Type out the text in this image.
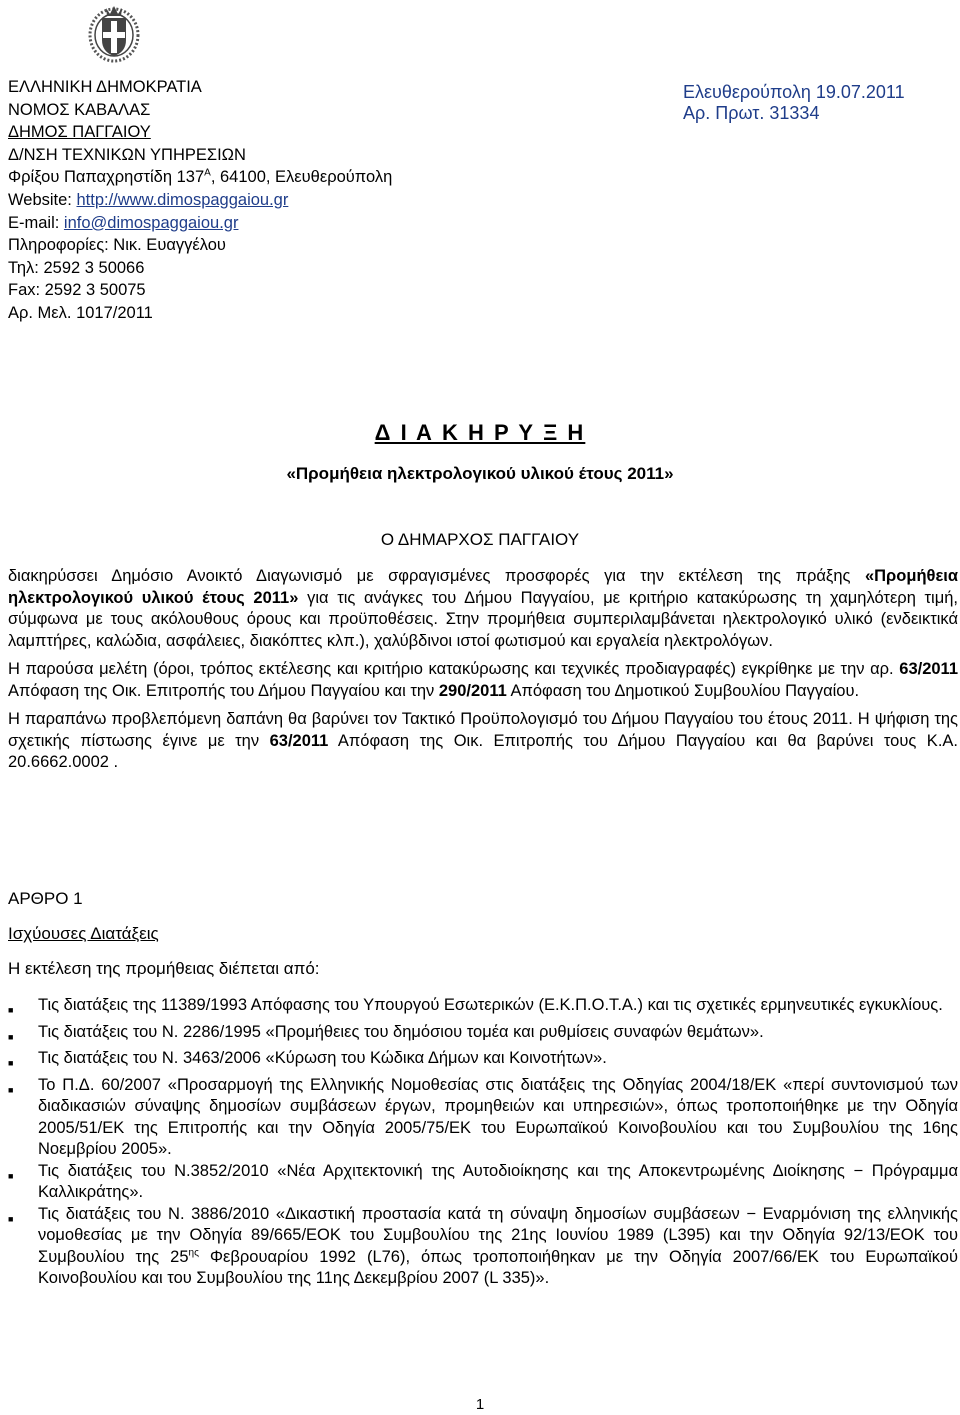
ΕΛΛΗΝΙΚΗ ΔΗΜΟΚΡΑΤΙΑ
ΝΟΜΟΣ ΚΑΒΑΛΑΣ
ΔΗΜΟΣ ΠΑΓΓΑΙΟΥ
Δ/ΝΣΗ ΤΕΧΝΙΚΩΝ ΥΠΗΡΕΣΙΩΝ
Φρίξου Παπαχρηστίδη $137^A$, 64100, Ελευθερούπολη
Website: http://www.dimospaggaiou.gr
E-mail: info@dimospaggaiou.gr
Πληροφορίες: Νικ. Ευαγγέλου
Τηλ: 2592 3 50066
Fax: 2592 3 50075
Αρ. Μελ. 1017/2011
Ελευθερούπολη 19.07.2011
Αρ. Πρωτ. 31334
Δ Ι Α Κ Η Ρ Υ Ξ Η
«Προμήθεια ηλεκτρολογικού υλικού έτους 2011»
Ο ΔΗΜΑΡΧΟΣ ΠΑΓΓΑΙΟΥ

διακηρύσσει Δημόσιο Ανοικτό Διαγωνισμό με σφραγισμένες προσφορές για την εκτέλεση της πράξης «Προμήθεια ηλεκτρολογικού υλικού έτους 2011» για τις ανάγκες του Δήμου Παγγαίου, με κριτήριο κατακύρωσης τη χαμηλότερη τιμή, σύμφωνα με τους ακόλουθους όρους και προϋποθέσεις. Στην προμήθεια συμπεριλαμβάνεται ηλεκτρολογικό υλικό (ενδεικτικά λαμπτήρες, καλώδια, ασφάλειες, διακόπτες κλπ.), χαλύβδινοι ιστοί φωτισμού και εργαλεία ηλεκτρολόγων.

Η παρούσα μελέτη (όροι, τρόπος εκτέλεσης και κριτήριο κατακύρωσης και τεχνικές προδιαγραφές) εγκρίθηκε με την αρ. 63/2011 Απόφαση της Οικ. Επιτροπής του Δήμου Παγγαίου και την 290/2011 Απόφαση του Δημοτικού Συμβουλίου Παγγαίου.

Η παραπάνω προβλεπόμενη δαπάνη θα βαρύνει τον Τακτικό Προϋπολογισμό του Δήμου Παγγαίου του έτους 2011. Η ψήφιση της σχετικής πίστωσης έγινε με την 63/2011 Απόφαση της Οικ. Επιτροπής του Δήμου Παγγαίου και θα βαρύνει τους Κ.Α. 20.6662.0002 .

ΑΡΘΡΟ 1
Ισχύουσες Διατάξεις
Η εκτέλεση της προμήθειας διέπεται από:
■	Τις διατάξεις της 11389/1993 Απόφασης του Υπουργού Εσωτερικών (Ε.Κ.Π.Ο.Τ.Α.) και τις σχετικές ερμηνευτικές εγκυκλίους.
■	Τις διατάξεις του Ν. 2286/1995 «Προμήθειες του δημόσιου τομέα και ρυθμίσεις συναφών θεμάτων».
■	Τις διατάξεις του Ν. 3463/2006 «Κύρωση του Κώδικα Δήμων και Κοινοτήτων».
■	Το Π.Δ. 60/2007 «Προσαρμογή της Ελληνικής Νομοθεσίας στις διατάξεις της Οδηγίας 2004/18/ΕΚ «περί συντονισμού των διαδικασιών σύναψης δημοσίων συμβάσεων έργων, προμηθειών και υπηρεσιών», όπως τροποποιήθηκε με την Οδηγία 2005/51/ΕΚ της Επιτροπής και την Οδηγία 2005/75/ΕΚ του Ευρωπαϊκού Κοινοβουλίου και του Συμβουλίου της 16ης Νοεμβρίου 2005».
■	Τις διατάξεις του Ν.3852/2010 «Νέα Αρχιτεκτονική της Αυτοδιοίκησης και της Αποκεντρωμένης Διοίκησης − Πρόγραμμα Καλλικράτης».
■	Τις διατάξεις του Ν. 3886/2010 «Δικαστική προστασία κατά τη σύναψη δημοσίων συμβάσεων − Εναρμόνιση της ελληνικής νομοθεσίας με την Οδηγία 89/665/ΕΟΚ του Συμβουλίου της 21ης Ιουνίου 1989 (L395) και την Οδηγία 92/13/ΕΟΚ του Συμβουλίου της $25^{\eta\varsigma}$ Φεβρουαρίου 1992 (L76), όπως τροποποιήθηκαν με την Οδηγία 2007/66/ΕΚ του Ευρωπαϊκού Κοινοβουλίου και του Συμβουλίου της 11ης Δεκεμβρίου 2007 (L 335)».
1
